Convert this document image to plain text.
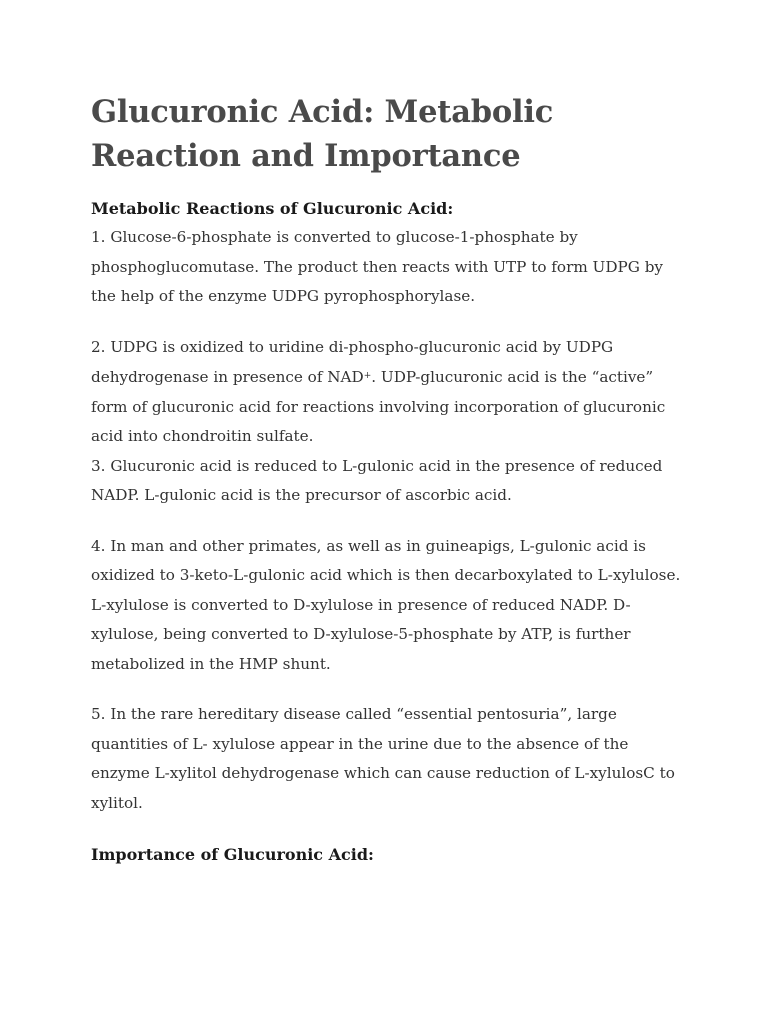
Glucuronic Acid: Metabolic Reaction and Importance

Metabolic Reactions of Glucuronic Acid:

1. Glucose-6-phosphate is converted to glucose-1-phosphate by phosphoglucomutase. The product then reacts with UTP to form UDPG by the help of the enzyme UDPG pyrophosphorylase.

2. UDPG is oxidized to uridine di-phospho-glucuronic acid by UDPG dehydrogenase in presence of NAD+. UDP-glucuronic acid is the “active” form of glucuronic acid for reactions involving incorporation of glucuronic acid into chondroitin sulfate.

3. Glucuronic acid is reduced to L-gulonic acid in the presence of reduced NADP. L-gulonic acid is the precursor of ascorbic acid.

4. In man and other primates, as well as in guineapigs, L-gulonic acid is oxidized to 3-keto-L-gulonic acid which is then decarboxylated to L-xylulose. L-xylulose is converted to D-xylulose in presence of reduced NADP. D-xylulose, being converted to D-xylulose-5-phosphate by ATP, is further metabolized in the HMP shunt.

5. In the rare hereditary disease called “essential pentosuria”, large quantities of L- xylulose appear in the urine due to the absence of the enzyme L-xylitol dehydrogenase which can cause reduction of L-xylulosC to xylitol.

Importance of Glucuronic Acid:
